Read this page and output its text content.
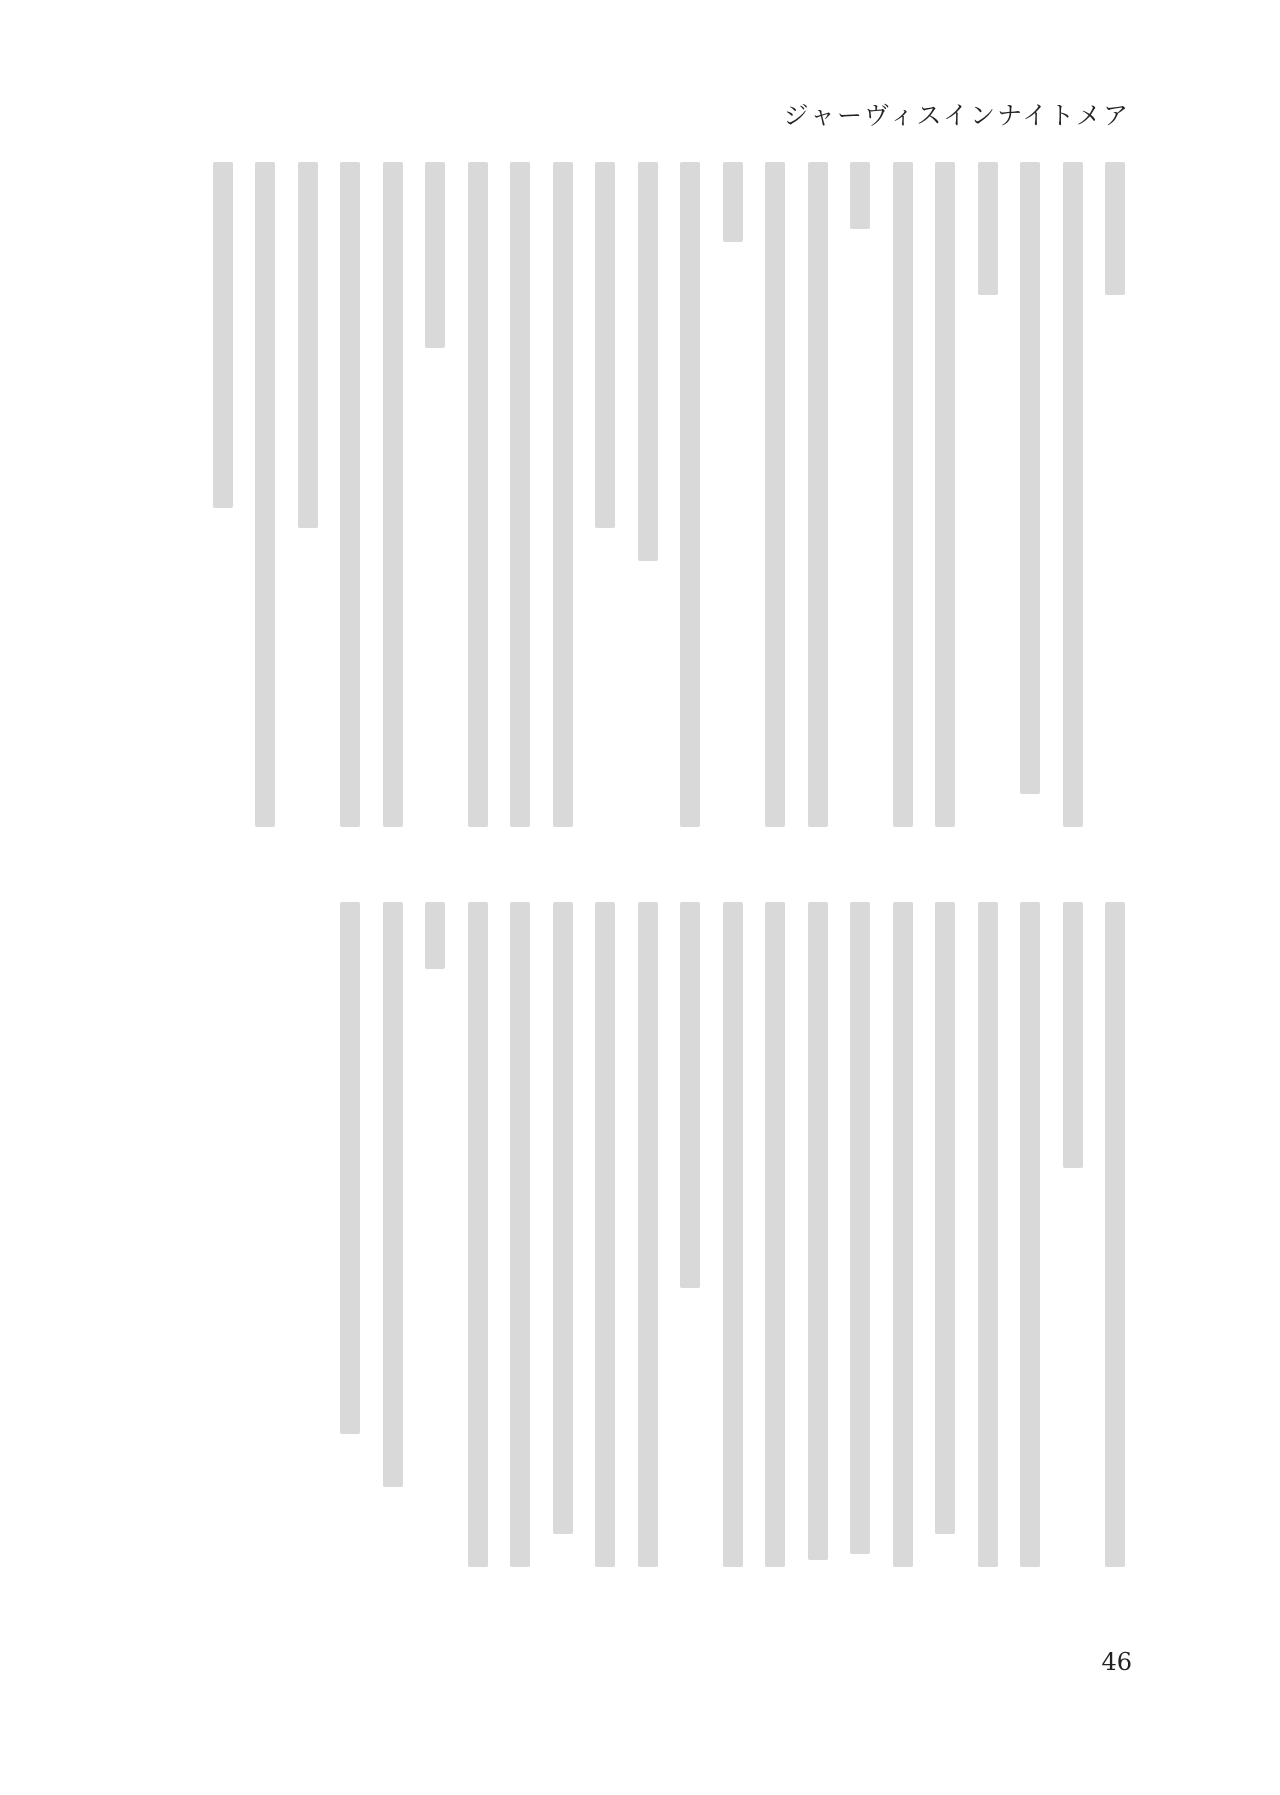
ジャーヴィスインナイトメア
46
